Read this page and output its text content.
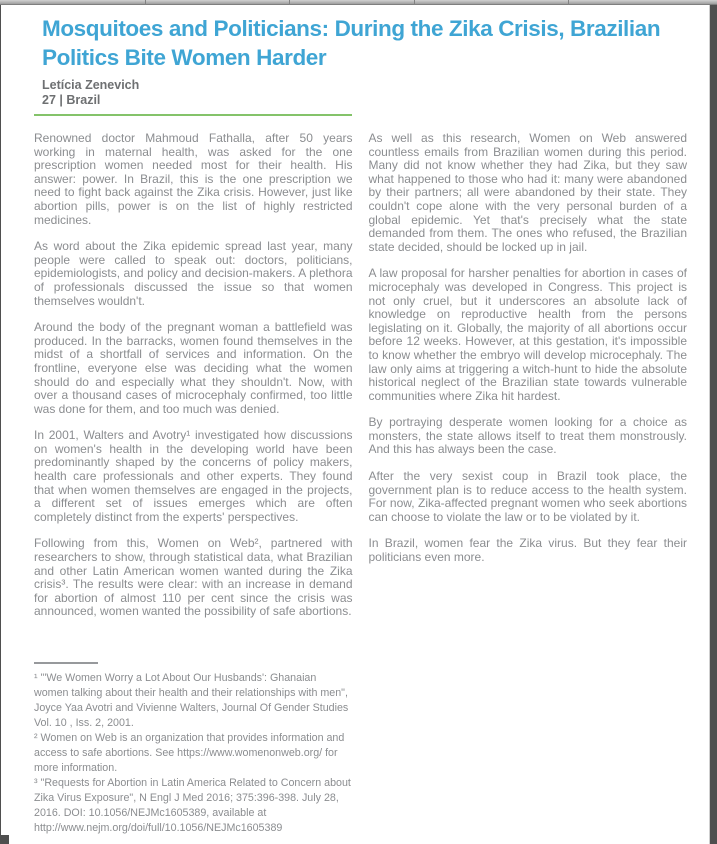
Mosquitoes and Politicians: During the Zika Crisis, Brazilian Politics Bite Women Harder
Letícia Zenevich
27 | Brazil

Renowned doctor Mahmoud Fathalla, after 50 years working in maternal health, was asked for the one prescription women needed most for their health. His answer: power. In Brazil, this is the one prescription we need to fight back against the Zika crisis. However, just like abortion pills, power is on the list of highly restricted medicines.

As word about the Zika epidemic spread last year, many people were called to speak out: doctors, politicians, epidemiologists, and policy and decision-makers. A plethora of professionals discussed the issue so that women themselves wouldn't.

Around the body of the pregnant woman a battlefield was produced. In the barracks, women found themselves in the midst of a shortfall of services and information. On the frontline, everyone else was deciding what the women should do and especially what they shouldn't. Now, with over a thousand cases of microcephaly confirmed, too little was done for them, and too much was denied.

In 2001, Walters and Avotry¹ investigated how discussions on women's health in the developing world have been predominantly shaped by the concerns of policy makers, health care professionals and other experts. They found that when women themselves are engaged in the projects, a different set of issues emerges which are often completely distinct from the experts' perspectives.

Following from this, Women on Web², partnered with researchers to show, through statistical data, what Brazilian and other Latin American women wanted during the Zika crisis³. The results were clear: with an increase in demand for abortion of almost 110 per cent since the crisis was announced, women wanted the possibility of safe abortions.

¹ "'We Women Worry a Lot About Our Husbands': Ghanaian women talking about their health and their relationships with men", Joyce Yaa Avotri and Vivienne Walters, Journal Of Gender Studies Vol. 10 , Iss. 2, 2001.

² Women on Web is an organization that provides information and access to safe abortions. See https://www.womenonweb.org/ for more information.

³ "Requests for Abortion in Latin America Related to Concern about Zika Virus Exposure", N Engl J Med 2016; 375:396-398. July 28, 2016. DOI: 10.1056/NEJMc1605389, available at http://www.nejm.org/doi/full/10.1056/NEJMc1605389

As well as this research, Women on Web answered countless emails from Brazilian women during this period. Many did not know whether they had Zika, but they saw what happened to those who had it: many were abandoned by their partners; all were abandoned by their state. They couldn't cope alone with the very personal burden of a global epidemic. Yet that's precisely what the state demanded from them. The ones who refused, the Brazilian state decided, should be locked up in jail.

A law proposal for harsher penalties for abortion in cases of microcephaly was developed in Congress. This project is not only cruel, but it underscores an absolute lack of knowledge on reproductive health from the persons legislating on it. Globally, the majority of all abortions occur before 12 weeks. However, at this gestation, it's impossible to know whether the embryo will develop microcephaly. The law only aims at triggering a witch-hunt to hide the absolute historical neglect of the Brazilian state towards vulnerable communities where Zika hit hardest.

By portraying desperate women looking for a choice as monsters, the state allows itself to treat them monstrously. And this has always been the case.

After the very sexist coup in Brazil took place, the government plan is to reduce access to the health system. For now, Zika-affected pregnant women who seek abortions can choose to violate the law or to be violated by it.

In Brazil, women fear the Zika virus. But they fear their politicians even more.
